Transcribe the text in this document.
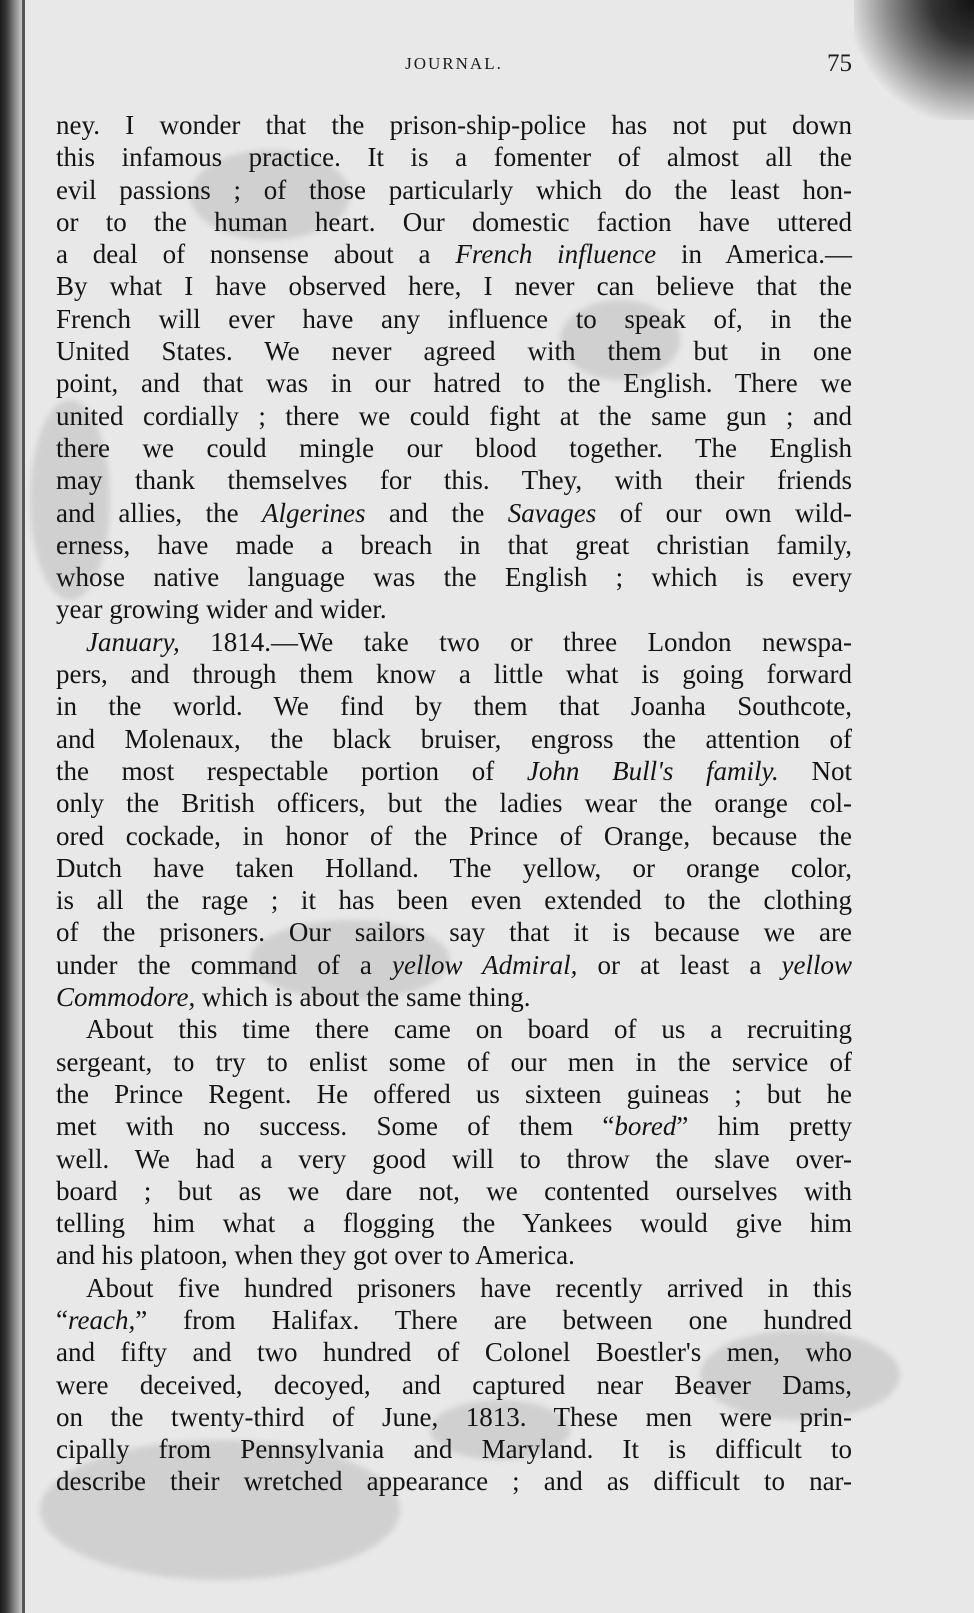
JOURNAL.	75
ney. I wonder that the prison-ship-police has not put down
this infamous practice. It is a fomenter of almost all the
evil passions ; of those particularly which do the least hon-
or to the human heart. Our domestic faction have uttered
a deal of nonsense about a French influence in America.—
By what I have observed here, I never can believe that the
French will ever have any influence to speak of, in the
United States. We never agreed with them but in one
point, and that was in our hatred to the English. There we
united cordially ; there we could fight at the same gun ; and
there we could mingle our blood together. The English
may thank themselves for this. They, with their friends
and allies, the Algerines and the Savages of our own wild-
erness, have made a breach in that great christian family,
whose native language was the English ; which is every
year growing wider and wider.
January, 1814.—We take two or three London newspa-
pers, and through them know a little what is going forward
in the world. We find by them that Joanha Southcote,
and Molenaux, the black bruiser, engross the attention of
the most respectable portion of John Bull's family. Not
only the British officers, but the ladies wear the orange col-
ored cockade, in honor of the Prince of Orange, because the
Dutch have taken Holland. The yellow, or orange color,
is all the rage ; it has been even extended to the clothing
of the prisoners. Our sailors say that it is because we are
under the command of a yellow Admiral, or at least a yellow
Commodore, which is about the same thing.
About this time there came on board of us a recruiting
sergeant, to try to enlist some of our men in the service of
the Prince Regent. He offered us sixteen guineas ; but he
met with no success. Some of them “bored” him pretty
well. We had a very good will to throw the slave over-
board ; but as we dare not, we contented ourselves with
telling him what a flogging the Yankees would give him
and his platoon, when they got over to America.
About five hundred prisoners have recently arrived in this
“reach,” from Halifax. There are between one hundred
and fifty and two hundred of Colonel Boestler's men, who
were deceived, decoyed, and captured near Beaver Dams,
on the twenty-third of June, 1813. These men were prin-
cipally from Pennsylvania and Maryland. It is difficult to
describe their wretched appearance ; and as difficult to nar-
